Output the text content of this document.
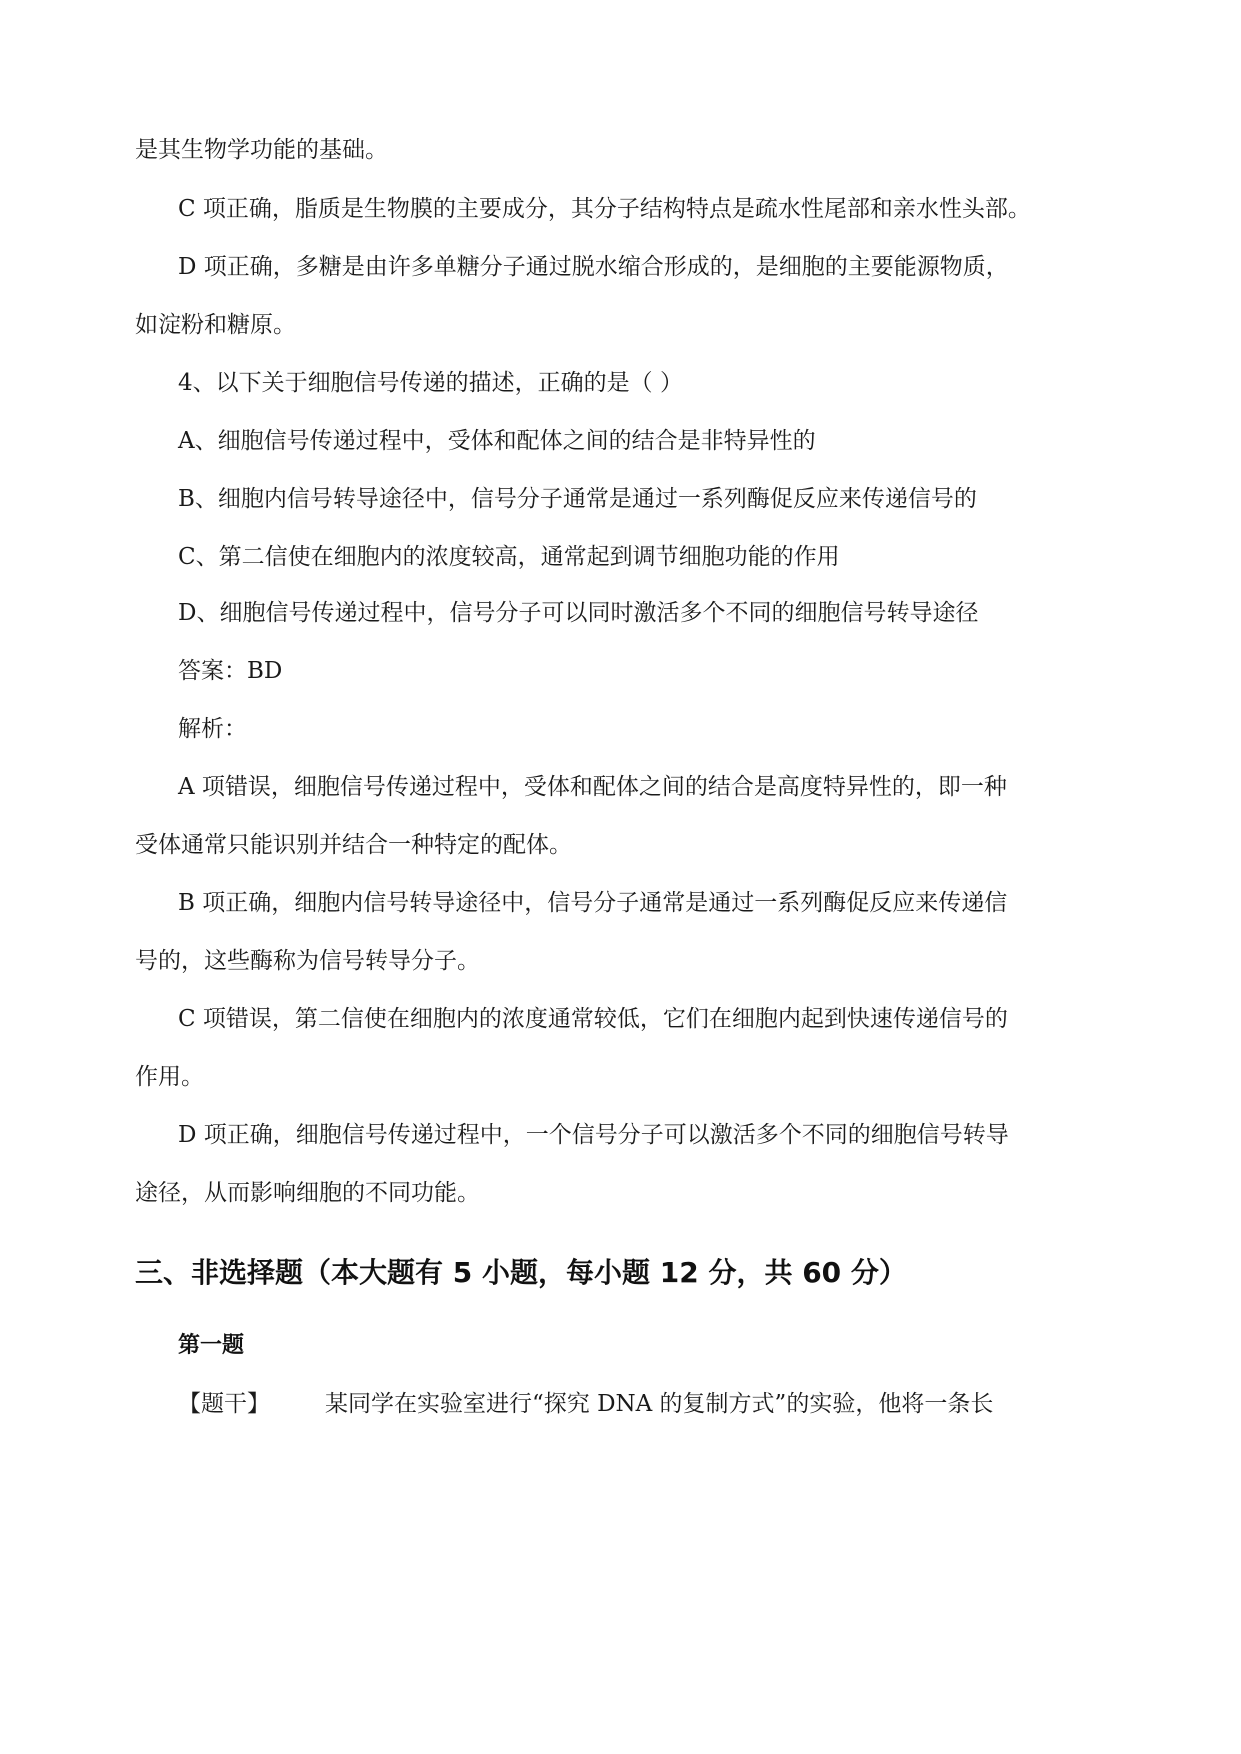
是其生物学功能的基础。
C 项正确，脂质是生物膜的主要成分，其分子结构特点是疏水性尾部和亲水性头部。
D 项正确，多糖是由许多单糖分子通过脱水缩合形成的，是细胞的主要能源物质，
如淀粉和糖原。
4、以下关于细胞信号传递的描述，正确的是（ ）
A、细胞信号传递过程中，受体和配体之间的结合是非特异性的
B、细胞内信号转导途径中，信号分子通常是通过一系列酶促反应来传递信号的
C、第二信使在细胞内的浓度较高，通常起到调节细胞功能的作用
D、细胞信号传递过程中，信号分子可以同时激活多个不同的细胞信号转导途径
答案：BD
解析：
A 项错误，细胞信号传递过程中，受体和配体之间的结合是高度特异性的，即一种
受体通常只能识别并结合一种特定的配体。
B 项正确，细胞内信号转导途径中，信号分子通常是通过一系列酶促反应来传递信
号的，这些酶称为信号转导分子。
C 项错误，第二信使在细胞内的浓度通常较低，它们在细胞内起到快速传递信号的
作用。
D 项正确，细胞信号传递过程中，一个信号分子可以激活多个不同的细胞信号转导
途径，从而影响细胞的不同功能。
三、非选择题（本大题有 5 小题，每小题 12 分，共 60 分）
第一题
【题干】 某同学在实验室进行“探究 DNA 的复制方式”的实验，他将一条长
